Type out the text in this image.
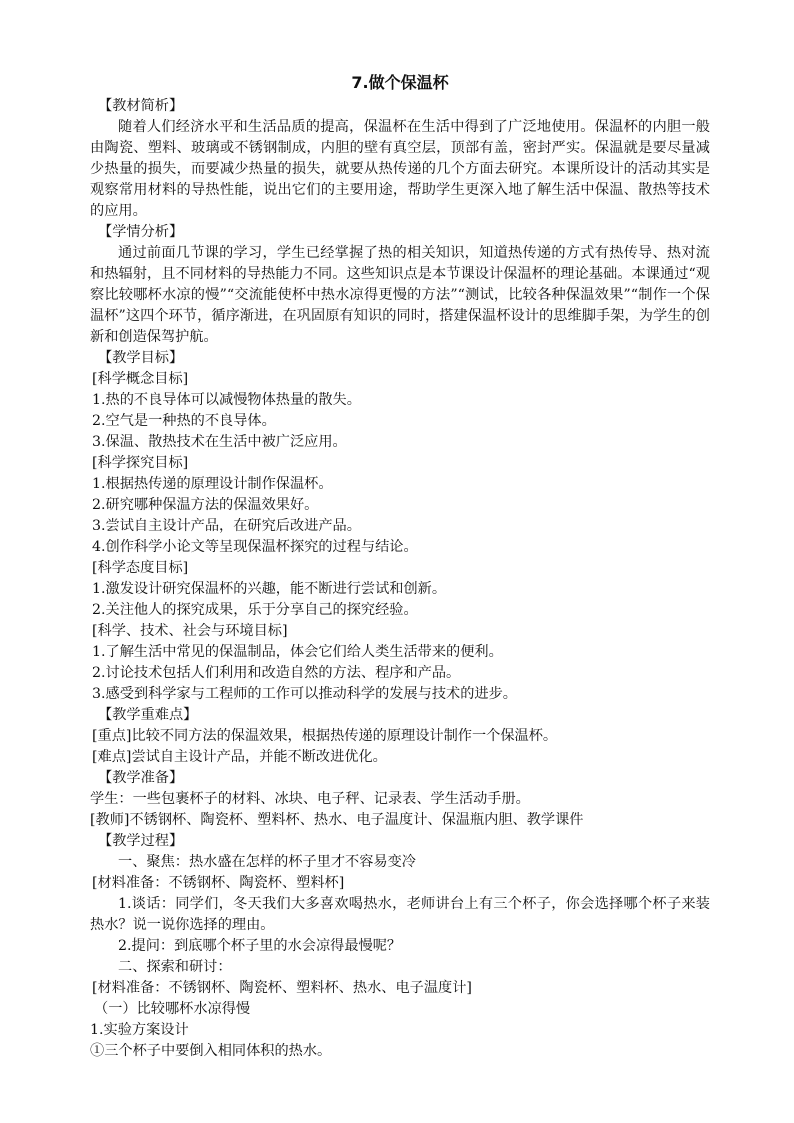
7.做个保温杯
【教材简析】
随着人们经济水平和生活品质的提高，保温杯在生活中得到了广泛地使用。保温杯的内胆一般由陶瓷、塑料、玻璃或不锈钢制成，内胆的壁有真空层，顶部有盖，密封严实。保温就是要尽量减少热量的损失，而要减少热量的损失，就要从热传递的几个方面去研究。本课所设计的活动其实是观察常用材料的导热性能，说出它们的主要用途，帮助学生更深入地了解生活中保温、散热等技术的应用。
【学情分析】
通过前面几节课的学习，学生已经掌握了热的相关知识，知道热传递的方式有热传导、热对流和热辐射，且不同材料的导热能力不同。这些知识点是本节课设计保温杯的理论基础。本课通过“观察比较哪杯水凉的慢”“交流能使杯中热水凉得更慢的方法”“测试，比较各种保温效果”“制作一个保温杯”这四个环节，循序渐进，在巩固原有知识的同时，搭建保温杯设计的思维脚手架，为学生的创新和创造保驾护航。
【教学目标】
[科学概念目标]
1.热的不良导体可以减慢物体热量的散失。
2.空气是一种热的不良导体。
3.保温、散热技术在生活中被广泛应用。
[科学探究目标]
1.根据热传递的原理设计制作保温杯。
2.研究哪种保温方法的保温效果好。
3.尝试自主设计产品，在研究后改进产品。
4.创作科学小论文等呈现保温杯探究的过程与结论。
[科学态度目标]
1.激发设计研究保温杯的兴趣，能不断进行尝试和创新。
2.关注他人的探究成果，乐于分享自己的探究经验。
[科学、技术、社会与环境目标]
1.了解生活中常见的保温制品，体会它们给人类生活带来的便利。
2.讨论技术包括人们利用和改造自然的方法、程序和产品。
3.感受到科学家与工程师的工作可以推动科学的发展与技术的进步。
【教学重难点】
[重点]比较不同方法的保温效果，根据热传递的原理设计制作一个保温杯。
[难点]尝试自主设计产品，并能不断改进优化。
【教学准备】
学生：一些包裹杯子的材料、冰块、电子秤、记录表、学生活动手册。
[教师]不锈钢杯、陶瓷杯、塑料杯、热水、电子温度计、保温瓶内胆、教学课件
【教学过程】
一、聚焦：热水盛在怎样的杯子里才不容易变冷
[材料准备：不锈钢杯、陶瓷杯、塑料杯]
1.谈话：同学们，冬天我们大多喜欢喝热水，老师讲台上有三个杯子，你会选择哪个杯子来装热水？说一说你选择的理由。
2.提问：到底哪个杯子里的水会凉得最慢呢？
二、探索和研讨：
[材料准备：不锈钢杯、陶瓷杯、塑料杯、热水、电子温度计]
（一）比较哪杯水凉得慢
1.实验方案设计
①三个杯子中要倒入相同体积的热水。
